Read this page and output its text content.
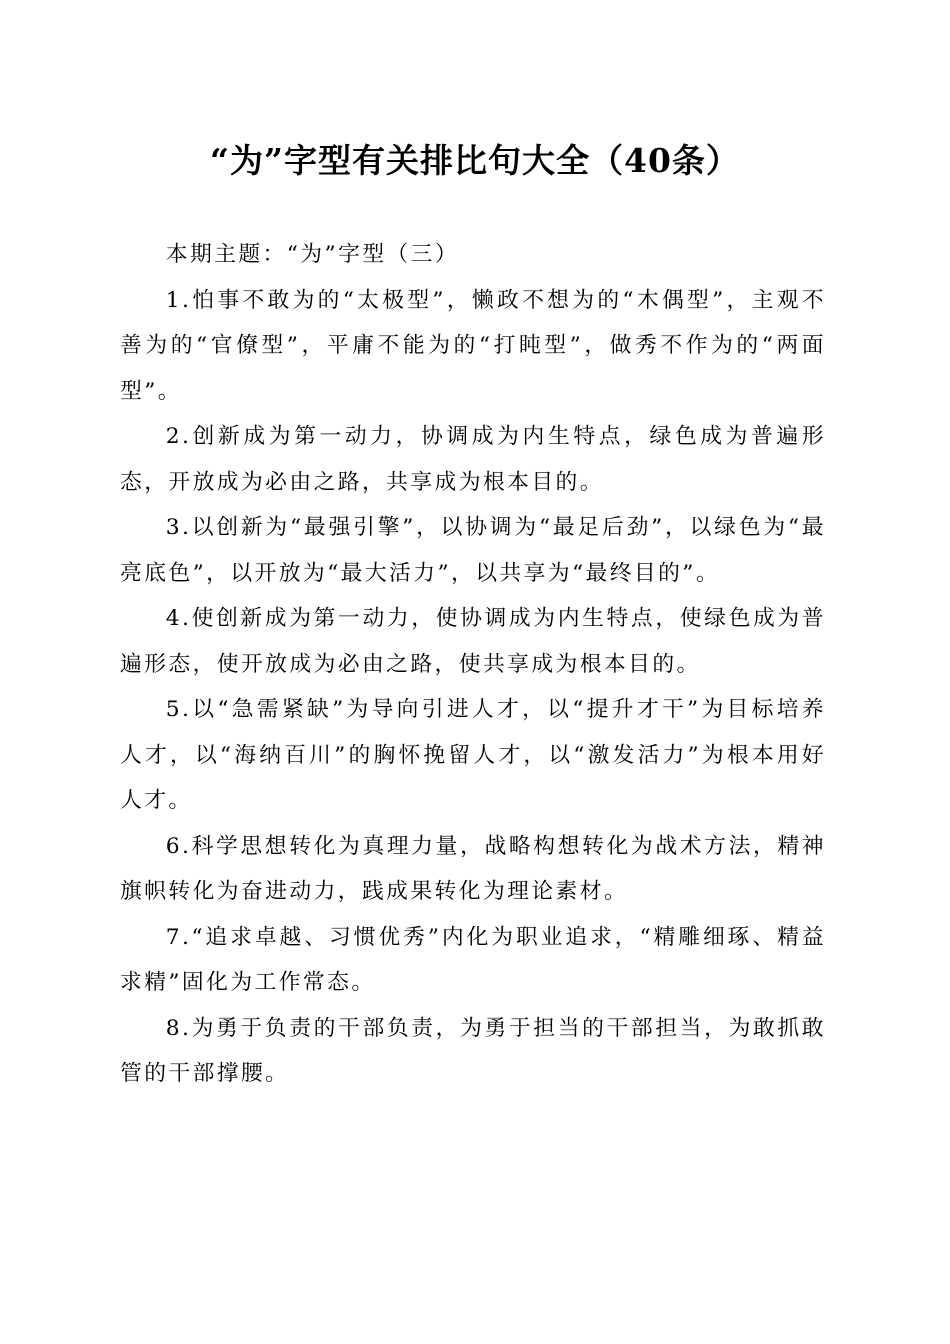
“为”字型有关排比句大全（40条）

本期主题：“为”字型（三）

1.怕事不敢为的“太极型”，懒政不想为的“木偶型”，主观不善为的“官僚型”，平庸不能为的“打盹型”，做秀不作为的“两面型”。

2.创新成为第一动力，协调成为内生特点，绿色成为普遍形态，开放成为必由之路，共享成为根本目的。

3.以创新为“最强引擎”，以协调为“最足后劲”，以绿色为“最亮底色”，以开放为“最大活力”，以共享为“最终目的”。

4.使创新成为第一动力，使协调成为内生特点，使绿色成为普遍形态，使开放成为必由之路，使共享成为根本目的。

5.以“急需紧缺”为导向引进人才，以“提升才干”为目标培养人才，以“海纳百川”的胸怀挽留人才，以“激发活力”为根本用好人才。

6.科学思想转化为真理力量，战略构想转化为战术方法，精神旗帜转化为奋进动力，践成果转化为理论素材。

7.“追求卓越、习惯优秀”内化为职业追求，“精雕细琢、精益求精”固化为工作常态。

8.为勇于负责的干部负责，为勇于担当的干部担当，为敢抓敢管的干部撑腰。
